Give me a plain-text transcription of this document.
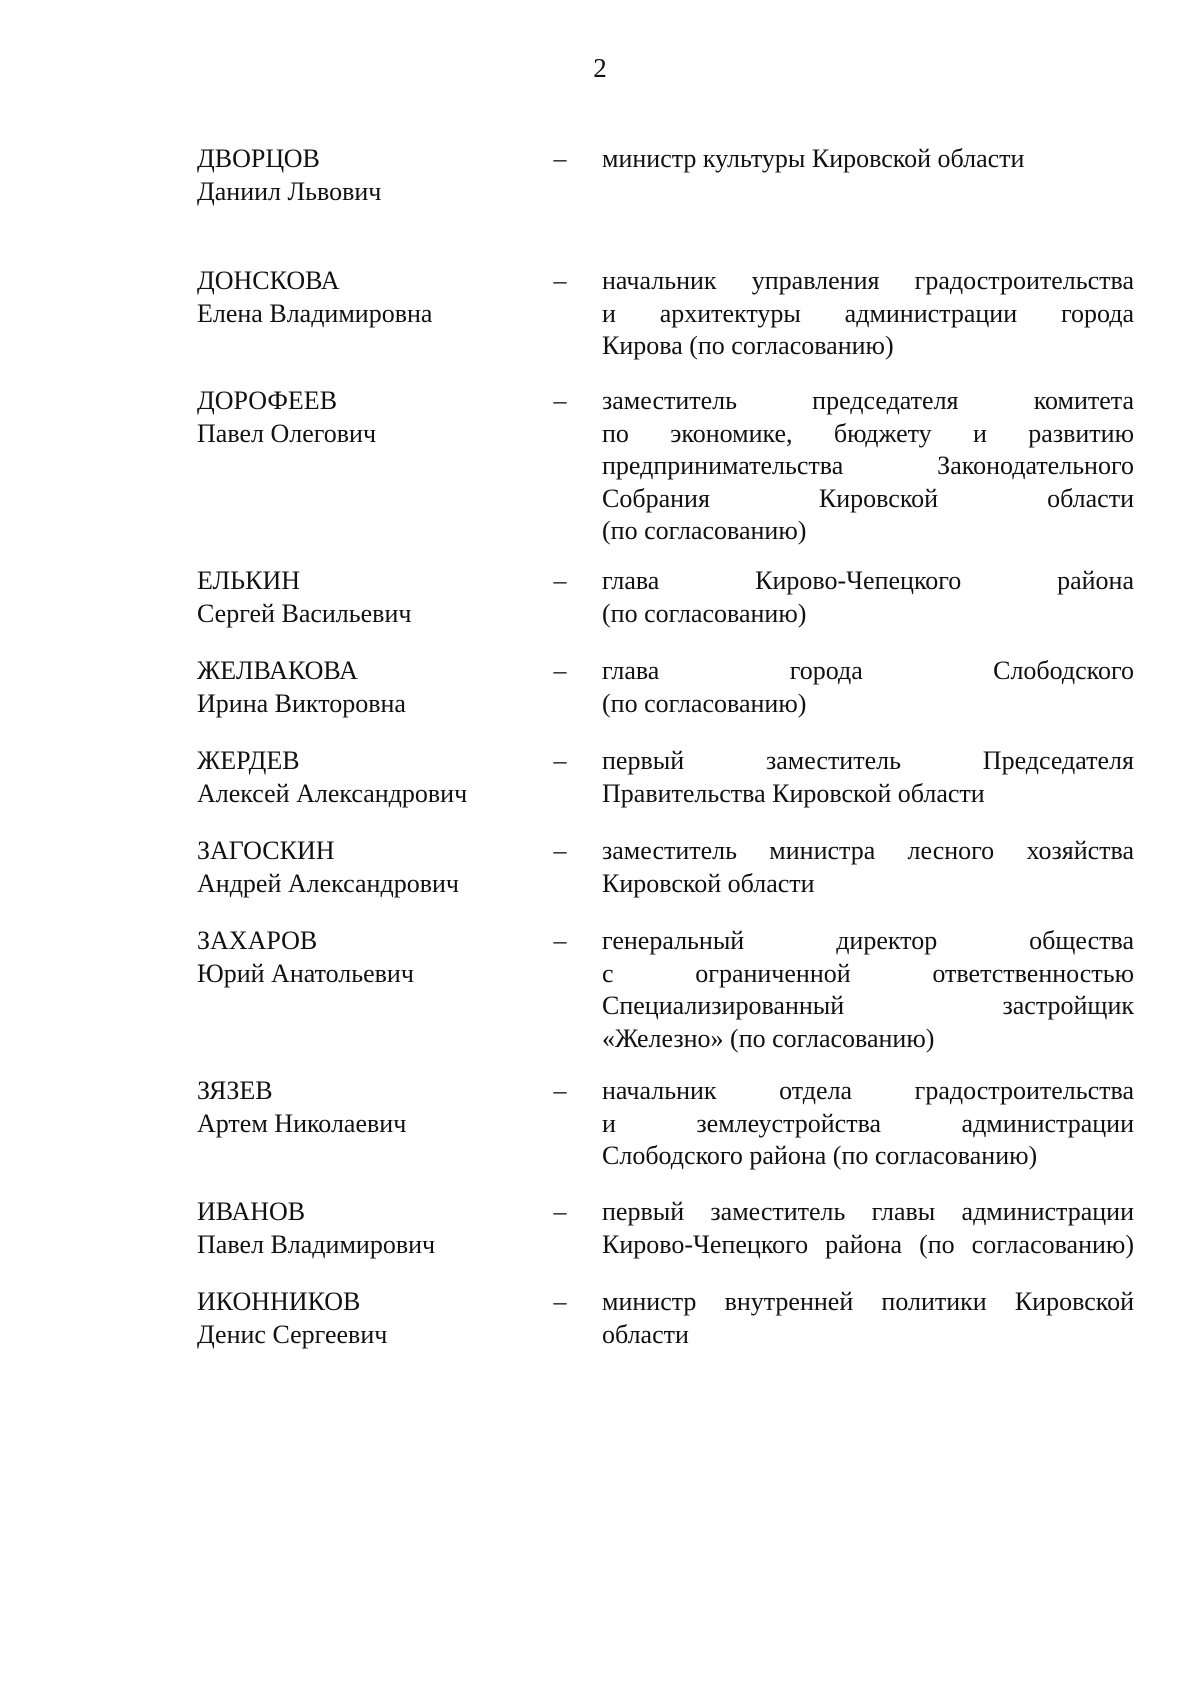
2
ДВОРЦОВ
Даниил Львович
– министр культуры Кировской области
ДОНСКОВА
Елена Владимировна
– начальник управления градостроительства
и архитектуры администрации города
Кирова (по согласованию)
ДОРОФЕЕВ
Павел Олегович
– заместитель председателя комитета
по экономике, бюджету и развитию
предпринимательства Законодательного
Собрания Кировской области
(по согласованию)
ЕЛЬКИН
Сергей Васильевич
– глава Кирово-Чепецкого района
(по согласованию)
ЖЕЛВАКОВА
Ирина Викторовна
– глава города Слободского
(по согласованию)
ЖЕРДЕВ
Алексей Александрович
– первый заместитель Председателя
Правительства Кировской области
ЗАГОСКИН
Андрей Александрович
– заместитель министра лесного хозяйства
Кировской области
ЗАХАРОВ
Юрий Анатольевич
– генеральный директор общества
с ограниченной ответственностью
Специализированный застройщик
«Железно» (по согласованию)
ЗЯЗЕВ
Артем Николаевич
– начальник отдела градостроительства
и землеустройства администрации
Слободского района (по согласованию)
ИВАНОВ
Павел Владимирович
– первый заместитель главы администрации
Кирово-Чепецкого района (по согласованию)
ИКОННИКОВ
Денис Сергеевич
– министр внутренней политики Кировской
области
